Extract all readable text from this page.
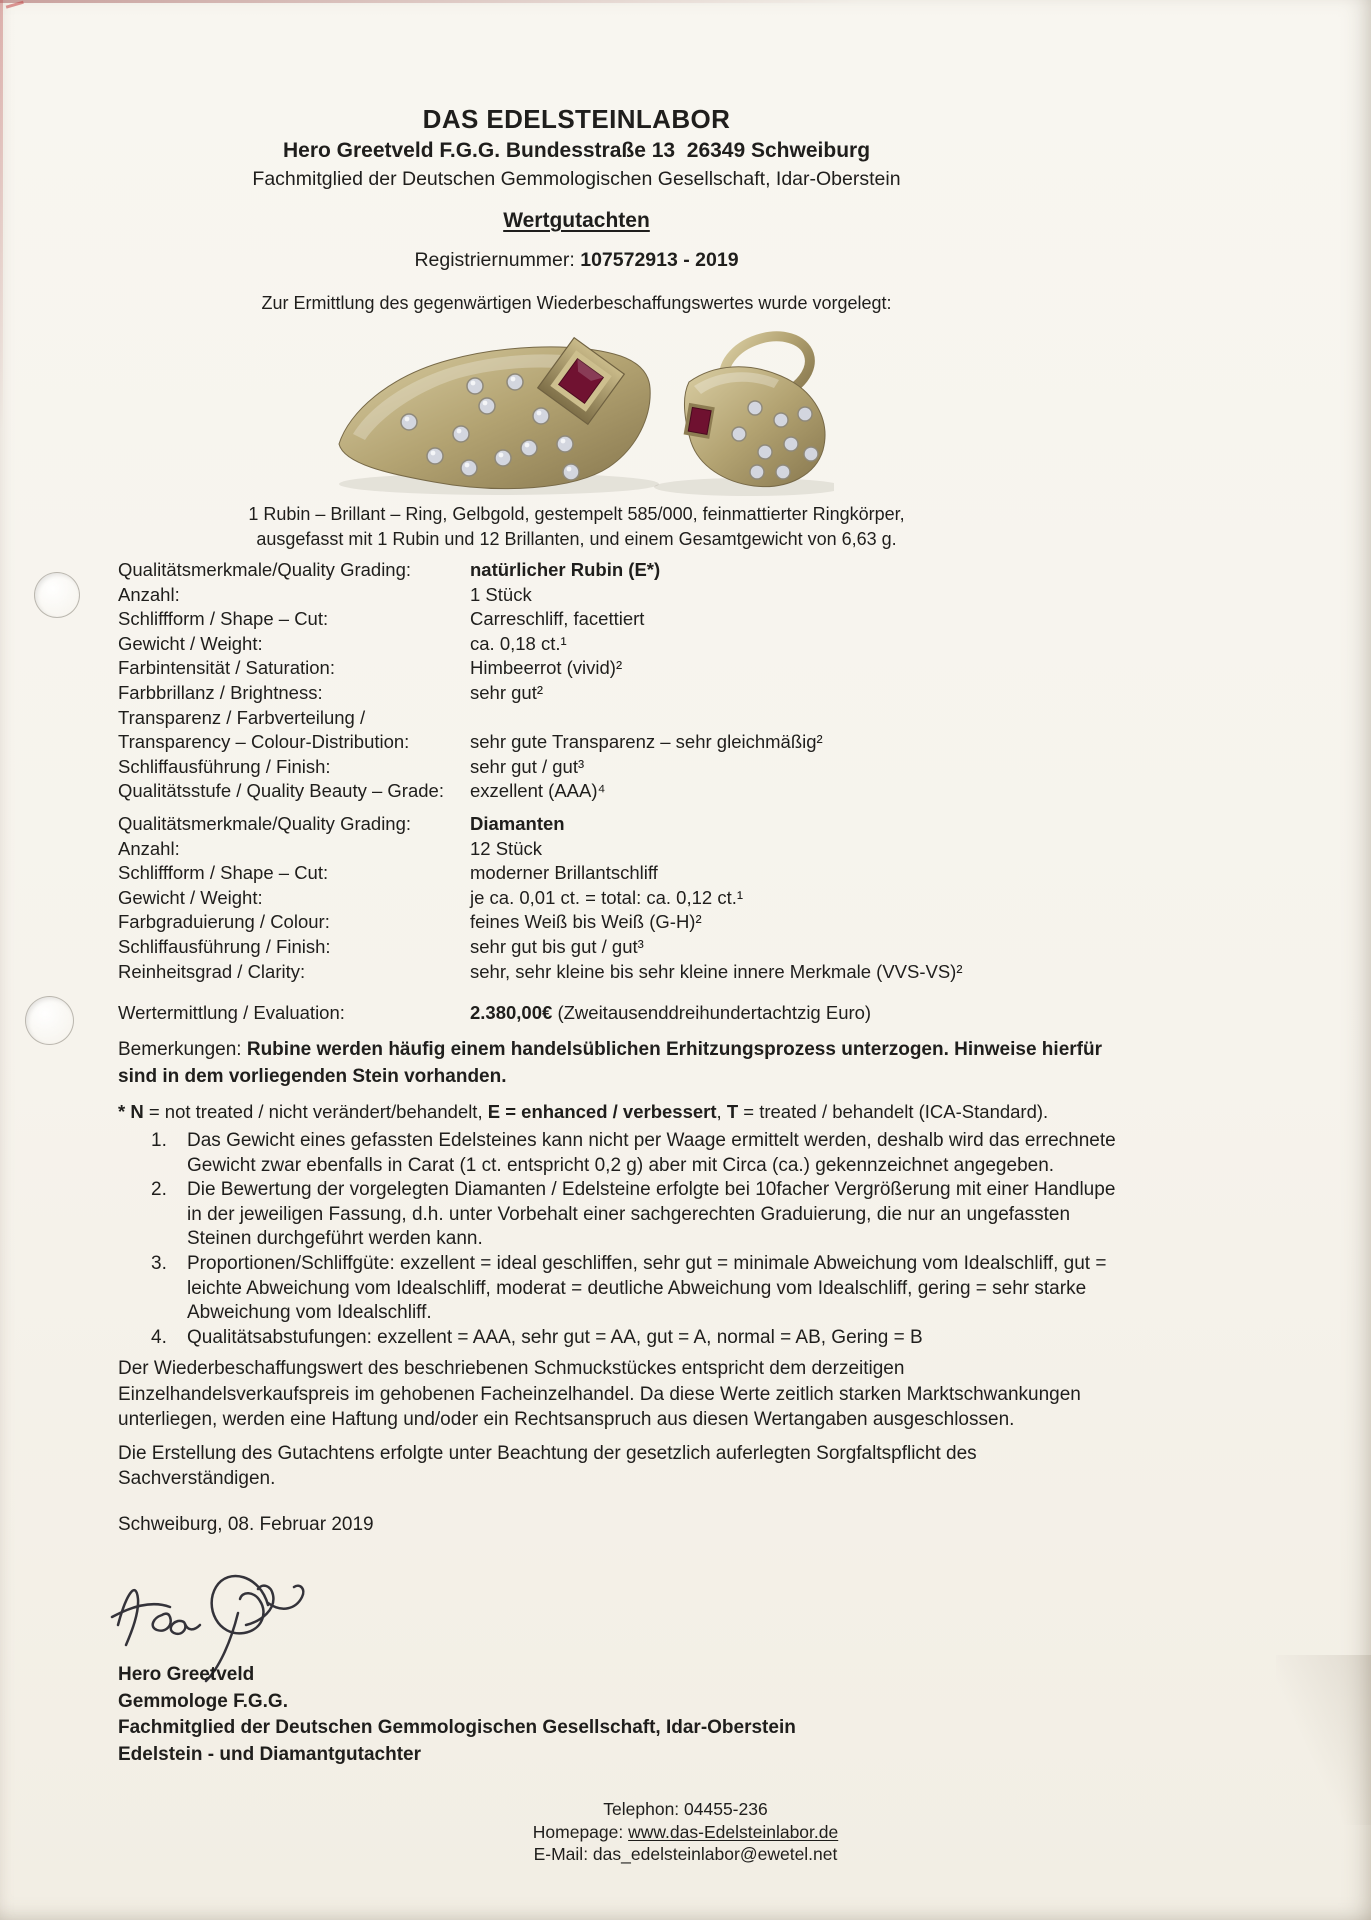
DAS EDELSTEINLABOR
Hero Greetveld F.G.G. Bundesstraße 13  26349 Schweiburg
Fachmitglied der Deutschen Gemmologischen Gesellschaft, Idar-Oberstein
Wertgutachten
Registriernummer: 107572913 - 2019
Zur Ermittlung des gegenwärtigen Wiederbeschaffungswertes wurde vorgelegt:
1 Rubin – Brillant – Ring, Gelbgold, gestempelt 585/000, feinmattierter Ringkörper,
ausgefasst mit 1 Rubin und 12 Brillanten, und einem Gesamtgewicht von 6,63 g.
Qualitätsmerkmale/Quality Grading:	natürlicher Rubin (E*)
Anzahl:	1 Stück
Schliffform / Shape – Cut:	Carreschliff, facettiert
Gewicht / Weight:	ca. 0,18 ct.¹
Farbintensität / Saturation:	Himbeerrot (vivid)²
Farbbrillanz / Brightness:	sehr gut²
Transparenz / Farbverteilung /
Transparency – Colour-Distribution:	sehr gute Transparenz – sehr gleichmäßig²
Schliffausführung / Finish:	sehr gut / gut³
Qualitätsstufe / Quality Beauty – Grade:	exzellent (AAA)⁴
Qualitätsmerkmale/Quality Grading:	Diamanten
Anzahl:	12 Stück
Schliffform / Shape – Cut:	moderner Brillantschliff
Gewicht / Weight:	je ca. 0,01 ct. = total: ca. 0,12 ct.¹
Farbgraduierung / Colour:	feines Weiß bis Weiß (G-H)²
Schliffausführung / Finish:	sehr gut bis gut / gut³
Reinheitsgrad / Clarity:	sehr, sehr kleine bis sehr kleine innere Merkmale (VVS-VS)²
Wertermittlung / Evaluation:	2.380,00€ (Zweitausenddreihundertachtzig Euro)
Bemerkungen: Rubine werden häufig einem handelsüblichen Erhitzungsprozess unterzogen. Hinweise hierfür
sind in dem vorliegenden Stein vorhanden.
* N = not treated / nicht verändert/behandelt, E = enhanced / verbessert, T = treated / behandelt (ICA-Standard).
1.	Das Gewicht eines gefassten Edelsteines kann nicht per Waage ermittelt werden, deshalb wird das errechnete
Gewicht zwar ebenfalls in Carat (1 ct. entspricht 0,2 g) aber mit Circa (ca.) gekennzeichnet angegeben.
2.	Die Bewertung der vorgelegten Diamanten / Edelsteine erfolgte bei 10facher Vergrößerung mit einer Handlupe
in der jeweiligen Fassung, d.h. unter Vorbehalt einer sachgerechten Graduierung, die nur an ungefassten
Steinen durchgeführt werden kann.
3.	Proportionen/Schliffgüte: exzellent = ideal geschliffen, sehr gut = minimale Abweichung vom Idealschliff, gut =
leichte Abweichung vom Idealschliff, moderat = deutliche Abweichung vom Idealschliff, gering = sehr starke
Abweichung vom Idealschliff.
4.	Qualitätsabstufungen: exzellent = AAA, sehr gut = AA, gut = A, normal = AB, Gering = B
Der Wiederbeschaffungswert des beschriebenen Schmuckstückes entspricht dem derzeitigen
Einzelhandelsverkaufspreis im gehobenen Facheinzelhandel. Da diese Werte zeitlich starken Marktschwankungen
unterliegen, werden eine Haftung und/oder ein Rechtsanspruch aus diesen Wertangaben ausgeschlossen.
Die Erstellung des Gutachtens erfolgte unter Beachtung der gesetzlich auferlegten Sorgfaltspflicht des
Sachverständigen.
Schweiburg, 08. Februar 2019
Hero Greetveld
Gemmologe F.G.G.
Fachmitglied der Deutschen Gemmologischen Gesellschaft, Idar-Oberstein
Edelstein - und Diamantgutachter
Telephon: 04455-236
Homepage: www.das-Edelsteinlabor.de
E-Mail: das_edelsteinlabor@ewetel.net
